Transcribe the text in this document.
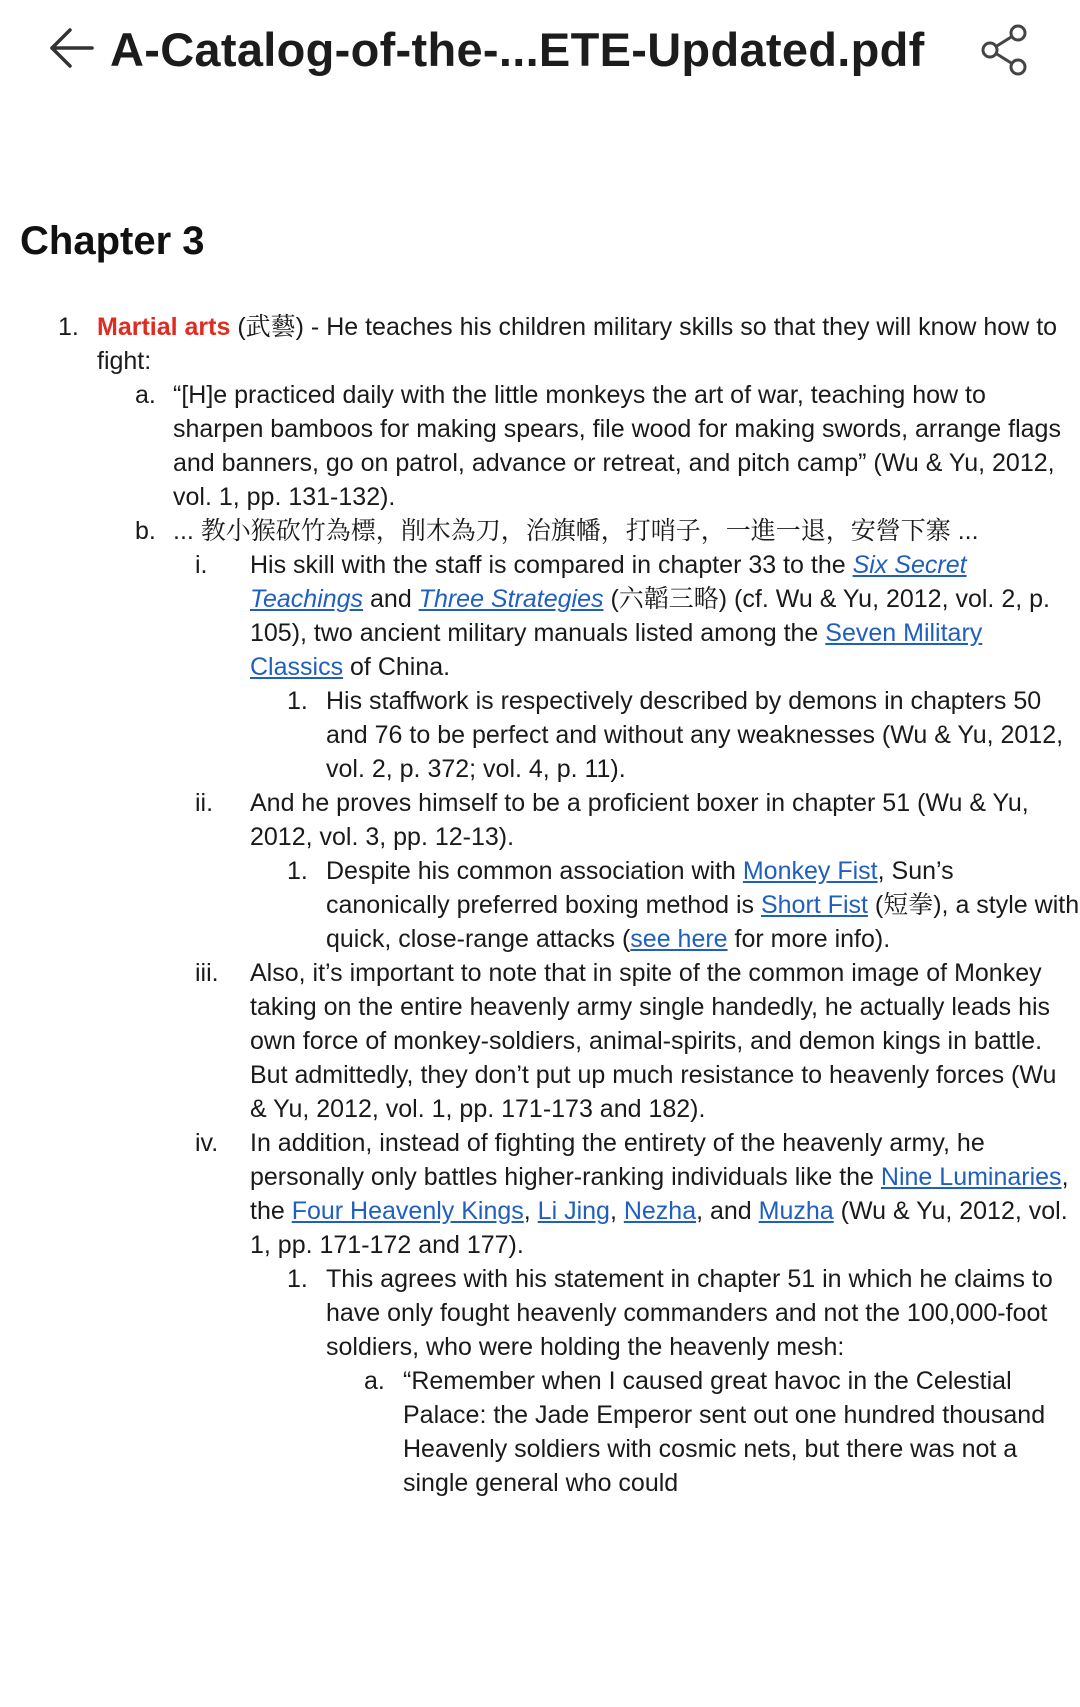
A-Catalog-of-the-...ETE-Updated.pdf
Chapter 3
1. Martial arts (武藝) - He teaches his children military skills so that they will know how to fight:
a. “[H]e practiced daily with the little monkeys the art of war, teaching how to sharpen bamboos for making spears, file wood for making swords, arrange flags and banners, go on patrol, advance or retreat, and pitch camp” (Wu & Yu, 2012, vol. 1, pp. 131-132).
b. ... 教小猴砍竹為標，削木為刀，治旗幡，打哨子，一進一退，安營下寨 ...
i. His skill with the staff is compared in chapter 33 to the Six Secret Teachings and Three Strategies (六韜三略) (cf. Wu & Yu, 2012, vol. 2, p. 105), two ancient military manuals listed among the Seven Military Classics of China.
1. His staffwork is respectively described by demons in chapters 50 and 76 to be perfect and without any weaknesses (Wu & Yu, 2012, vol. 2, p. 372; vol. 4, p. 11).
ii. And he proves himself to be a proficient boxer in chapter 51 (Wu & Yu, 2012, vol. 3, pp. 12-13).
1. Despite his common association with Monkey Fist, Sun’s canonically preferred boxing method is Short Fist (短拳), a style with quick, close-range attacks (see here for more info).
iii. Also, it’s important to note that in spite of the common image of Monkey taking on the entire heavenly army single handedly, he actually leads his own force of monkey-soldiers, animal-spirits, and demon kings in battle. But admittedly, they don’t put up much resistance to heavenly forces (Wu & Yu, 2012, vol. 1, pp. 171-173 and 182).
iv. In addition, instead of fighting the entirety of the heavenly army, he personally only battles higher-ranking individuals like the Nine Luminaries, the Four Heavenly Kings, Li Jing, Nezha, and Muzha (Wu & Yu, 2012, vol. 1, pp. 171-172 and 177).
1. This agrees with his statement in chapter 51 in which he claims to have only fought heavenly commanders and not the 100,000-foot soldiers, who were holding the heavenly mesh:
a. “Remember when I caused great havoc in the Celestial Palace: the Jade Emperor sent out one hundred thousand Heavenly soldiers with cosmic nets, but there was not a single general who could
